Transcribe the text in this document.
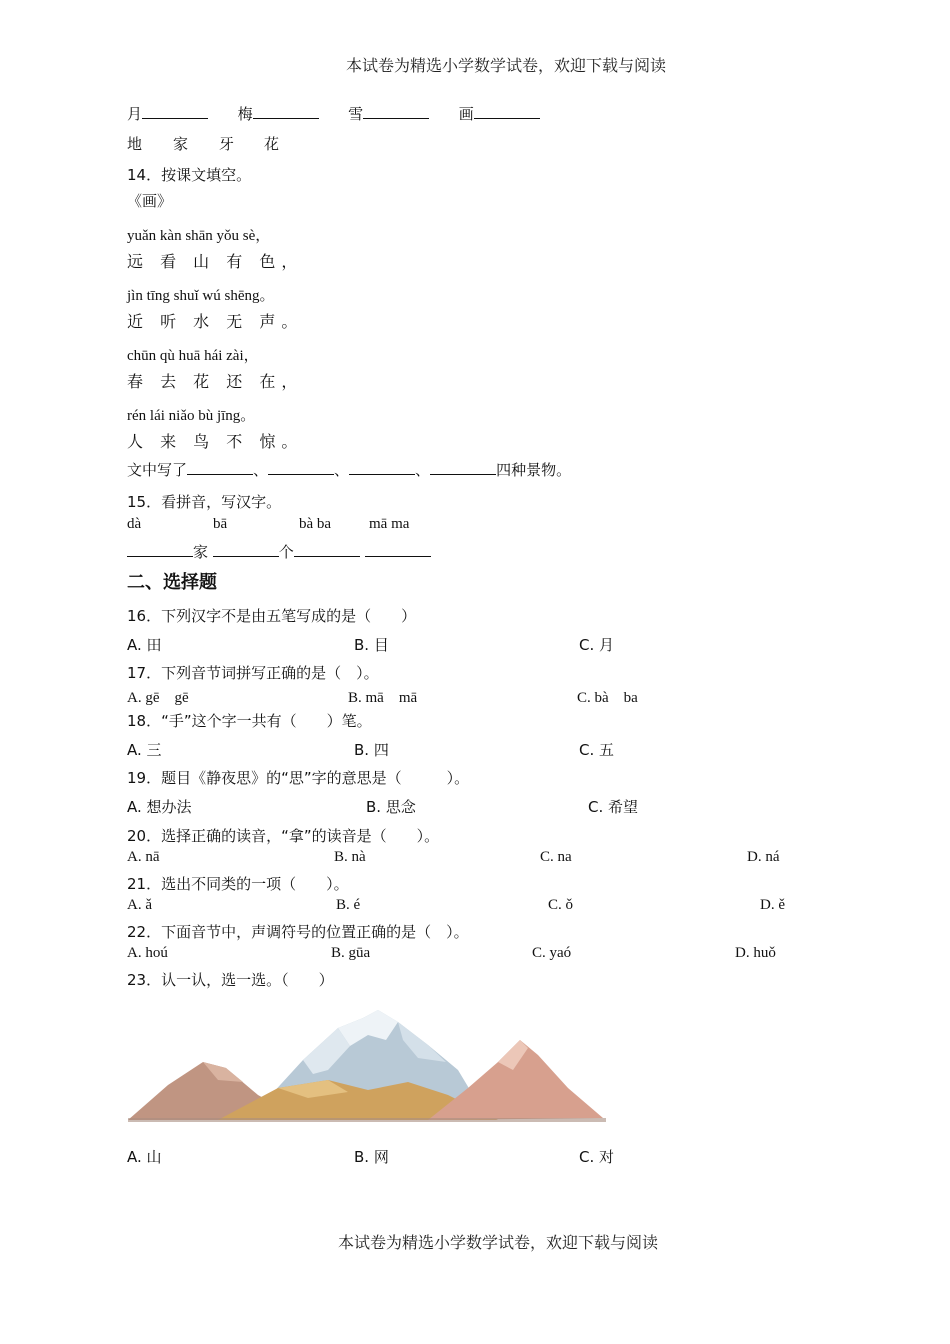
本试卷为精选小学数学试卷，欢迎下载与阅读
月	梅	雪	画
地 家 牙 花
14．按课文填空。
《画》
yuǎn kàn shān yǒu sè，
远 看 山 有 色，
jìn tīng shuǐ wú shēng。
近 听 水 无 声。
chūn qù huā hái zài，
春 去 花 还 在，
rén lái niǎo bù jīng。
人 来 鸟 不 惊。
文中写了	、	、	、	四种景物。
15．看拼音，写汉字。
dà	bā	bà ba	mā ma
家	个
二、选择题
16．下列汉字不是由五笔写成的是（　　）
A. 田	B. 目	C. 月
17．下列音节词拼写正确的是（　）。
A. gē　gē	B. mā　mā	C. bà　ba
18．“手”这个字一共有（　　）笔。
A. 三	B. 四	C. 五
19．题目《静夜思》的“思”字的意思是（　　　）。
A. 想办法	B. 思念	C. 希望
20．选择正确的读音，“拿”的读音是（　　）。
A. nā	B. nà	C. na	D. ná
21．选出不同类的一项（　　）。
A. ǎ	B. é	C. ǒ	D. ě
22．下面音节中，声调符号的位置正确的是（　）。
A. hoú	B. gūa	C. yaó	D. huǒ
23．认一认，选一选。（　　）
A. 山	B. 网	C. 对
本试卷为精选小学数学试卷，欢迎下载与阅读
